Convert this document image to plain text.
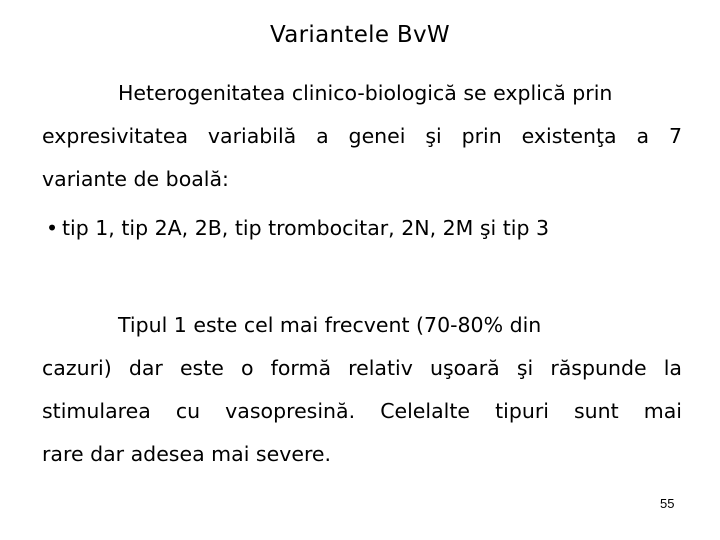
Variantele BvW
Heterogenitatea clinico-biologică se explică prin
expresivitatea variabilă a genei şi prin existenţa a 7
variante de boală:
• tip 1, tip 2A, 2B, tip trombocitar, 2N, 2M şi tip 3
Tipul 1 este cel mai frecvent (70-80% din
cazuri) dar este o formă relativ uşoară şi răspunde la
stimularea cu vasopresină. Celelalte tipuri sunt mai
rare dar adesea mai severe.
55
